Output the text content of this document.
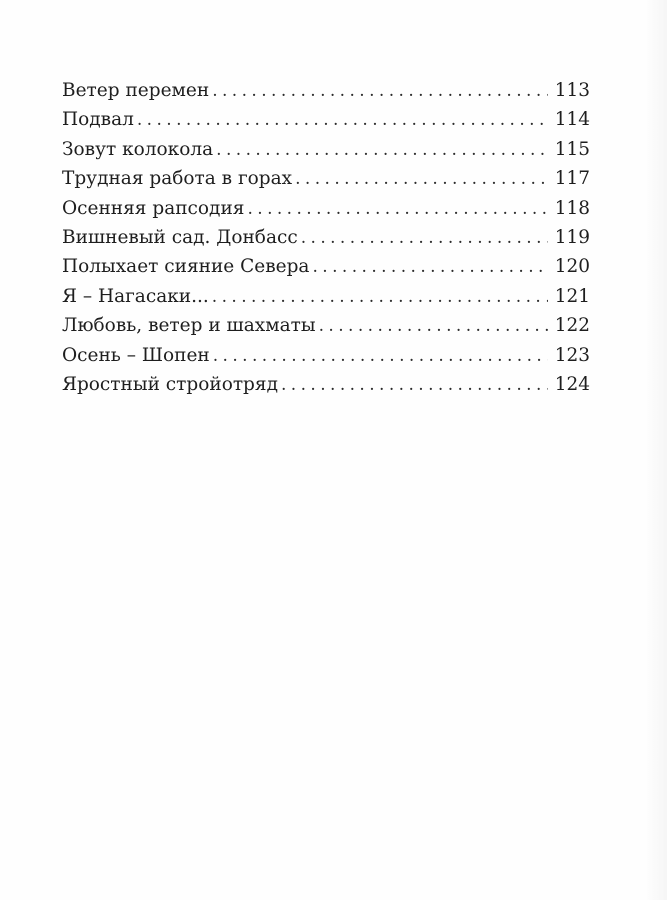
Ветер перемен . . .	113
Подвал . . .	114
Зовут колокола . . .	115
Трудная работа в горах . . .	117
Осенняя рапсодия . . .	118
Вишневый сад. Донбасс . . .	119
Полыхает сияние Севера . . .	120
Я – Нагасаки... . . .	121
Любовь, ветер и шахматы . . .	122
Осень – Шопен . . .	123
Яростный стройотряд . . .	124
